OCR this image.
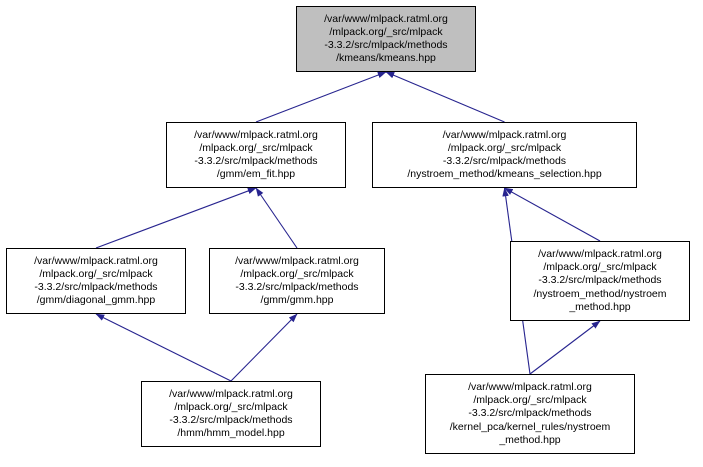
/var/www/mlpack.ratml.org
/mlpack.org/_src/mlpack
-3.3.2/src/mlpack/methods
/kmeans/kmeans.hpp
/var/www/mlpack.ratml.org
/mlpack.org/_src/mlpack
-3.3.2/src/mlpack/methods
/gmm/em_fit.hpp
/var/www/mlpack.ratml.org
/mlpack.org/_src/mlpack
-3.3.2/src/mlpack/methods
/nystroem_method/kmeans_selection.hpp
/var/www/mlpack.ratml.org
/mlpack.org/_src/mlpack
-3.3.2/src/mlpack/methods
/gmm/diagonal_gmm.hpp
/var/www/mlpack.ratml.org
/mlpack.org/_src/mlpack
-3.3.2/src/mlpack/methods
/gmm/gmm.hpp
/var/www/mlpack.ratml.org
/mlpack.org/_src/mlpack
-3.3.2/src/mlpack/methods
/nystroem_method/nystroem
_method.hpp
/var/www/mlpack.ratml.org
/mlpack.org/_src/mlpack
-3.3.2/src/mlpack/methods
/hmm/hmm_model.hpp
/var/www/mlpack.ratml.org
/mlpack.org/_src/mlpack
-3.3.2/src/mlpack/methods
/kernel_pca/kernel_rules/nystroem
_method.hpp
